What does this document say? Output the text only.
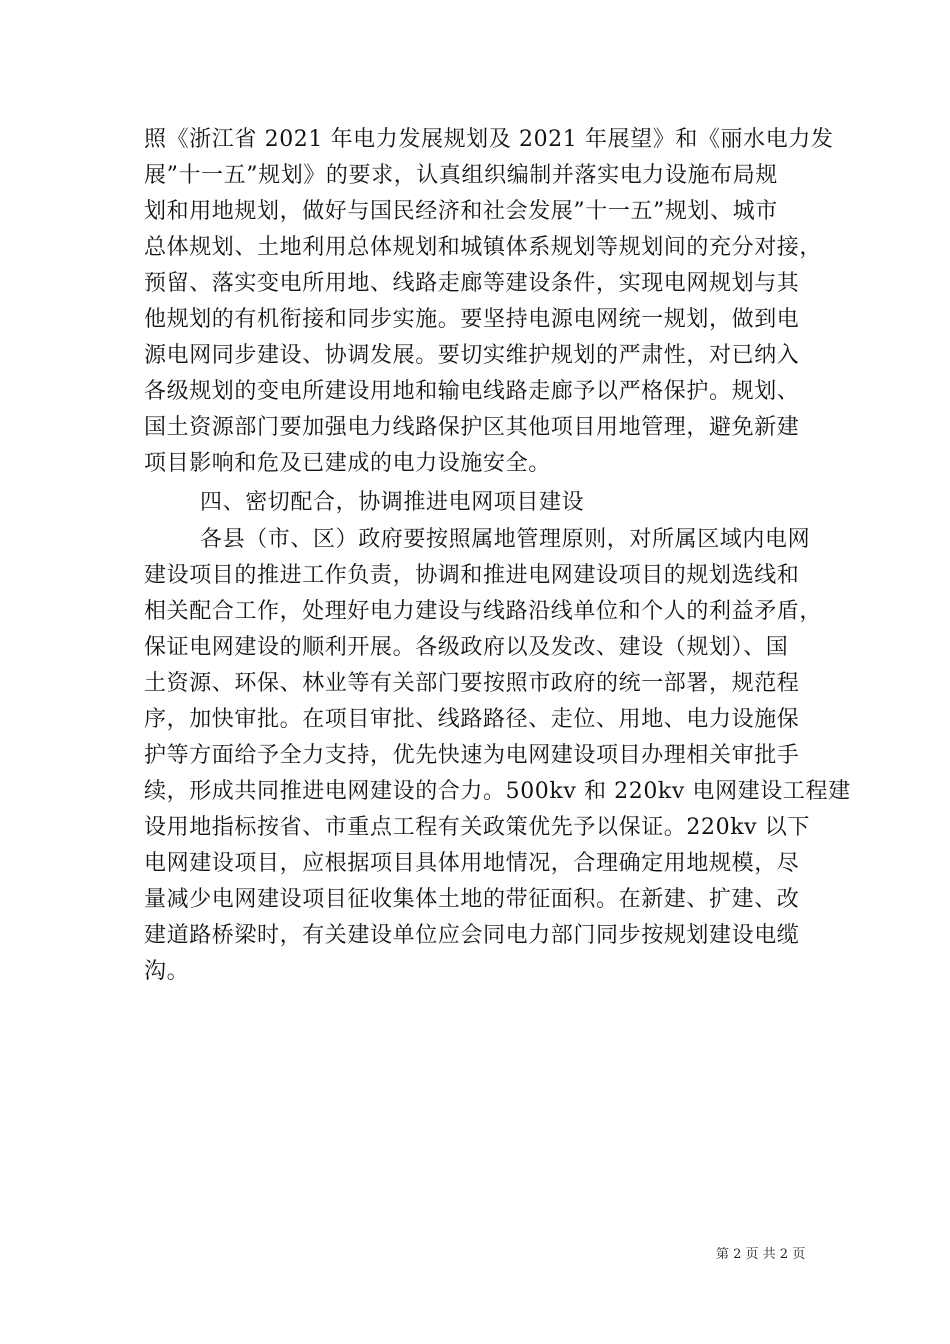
照《浙江省 2021 年电力发展规划及 2021 年展望》和《丽水电力发
展”十一五”规划》的要求，认真组织编制并落实电力设施布局规
划和用地规划，做好与国民经济和社会发展”十一五”规划、城市
总体规划、土地利用总体规划和城镇体系规划等规划间的充分对接，
预留、落实变电所用地、线路走廊等建设条件，实现电网规划与其
他规划的有机衔接和同步实施。要坚持电源电网统一规划，做到电
源电网同步建设、协调发展。要切实维护规划的严肃性，对已纳入
各级规划的变电所建设用地和输电线路走廊予以严格保护。规划、
国土资源部门要加强电力线路保护区其他项目用地管理，避免新建
项目影响和危及已建成的电力设施安全。
四、密切配合，协调推进电网项目建设
各县（市、区）政府要按照属地管理原则，对所属区域内电网
建设项目的推进工作负责，协调和推进电网建设项目的规划选线和
相关配合工作，处理好电力建设与线路沿线单位和个人的利益矛盾，
保证电网建设的顺利开展。各级政府以及发改、建设（规划）、国
土资源、环保、林业等有关部门要按照市政府的统一部署，规范程
序，加快审批。在项目审批、线路路径、走位、用地、电力设施保
护等方面给予全力支持，优先快速为电网建设项目办理相关审批手
续，形成共同推进电网建设的合力。500kv 和 220kv 电网建设工程建
设用地指标按省、市重点工程有关政策优先予以保证。220kv 以下
电网建设项目，应根据项目具体用地情况，合理确定用地规模，尽
量减少电网建设项目征收集体土地的带征面积。在新建、扩建、改
建道路桥梁时，有关建设单位应会同电力部门同步按规划建设电缆
沟。
第 2 页 共 2 页
